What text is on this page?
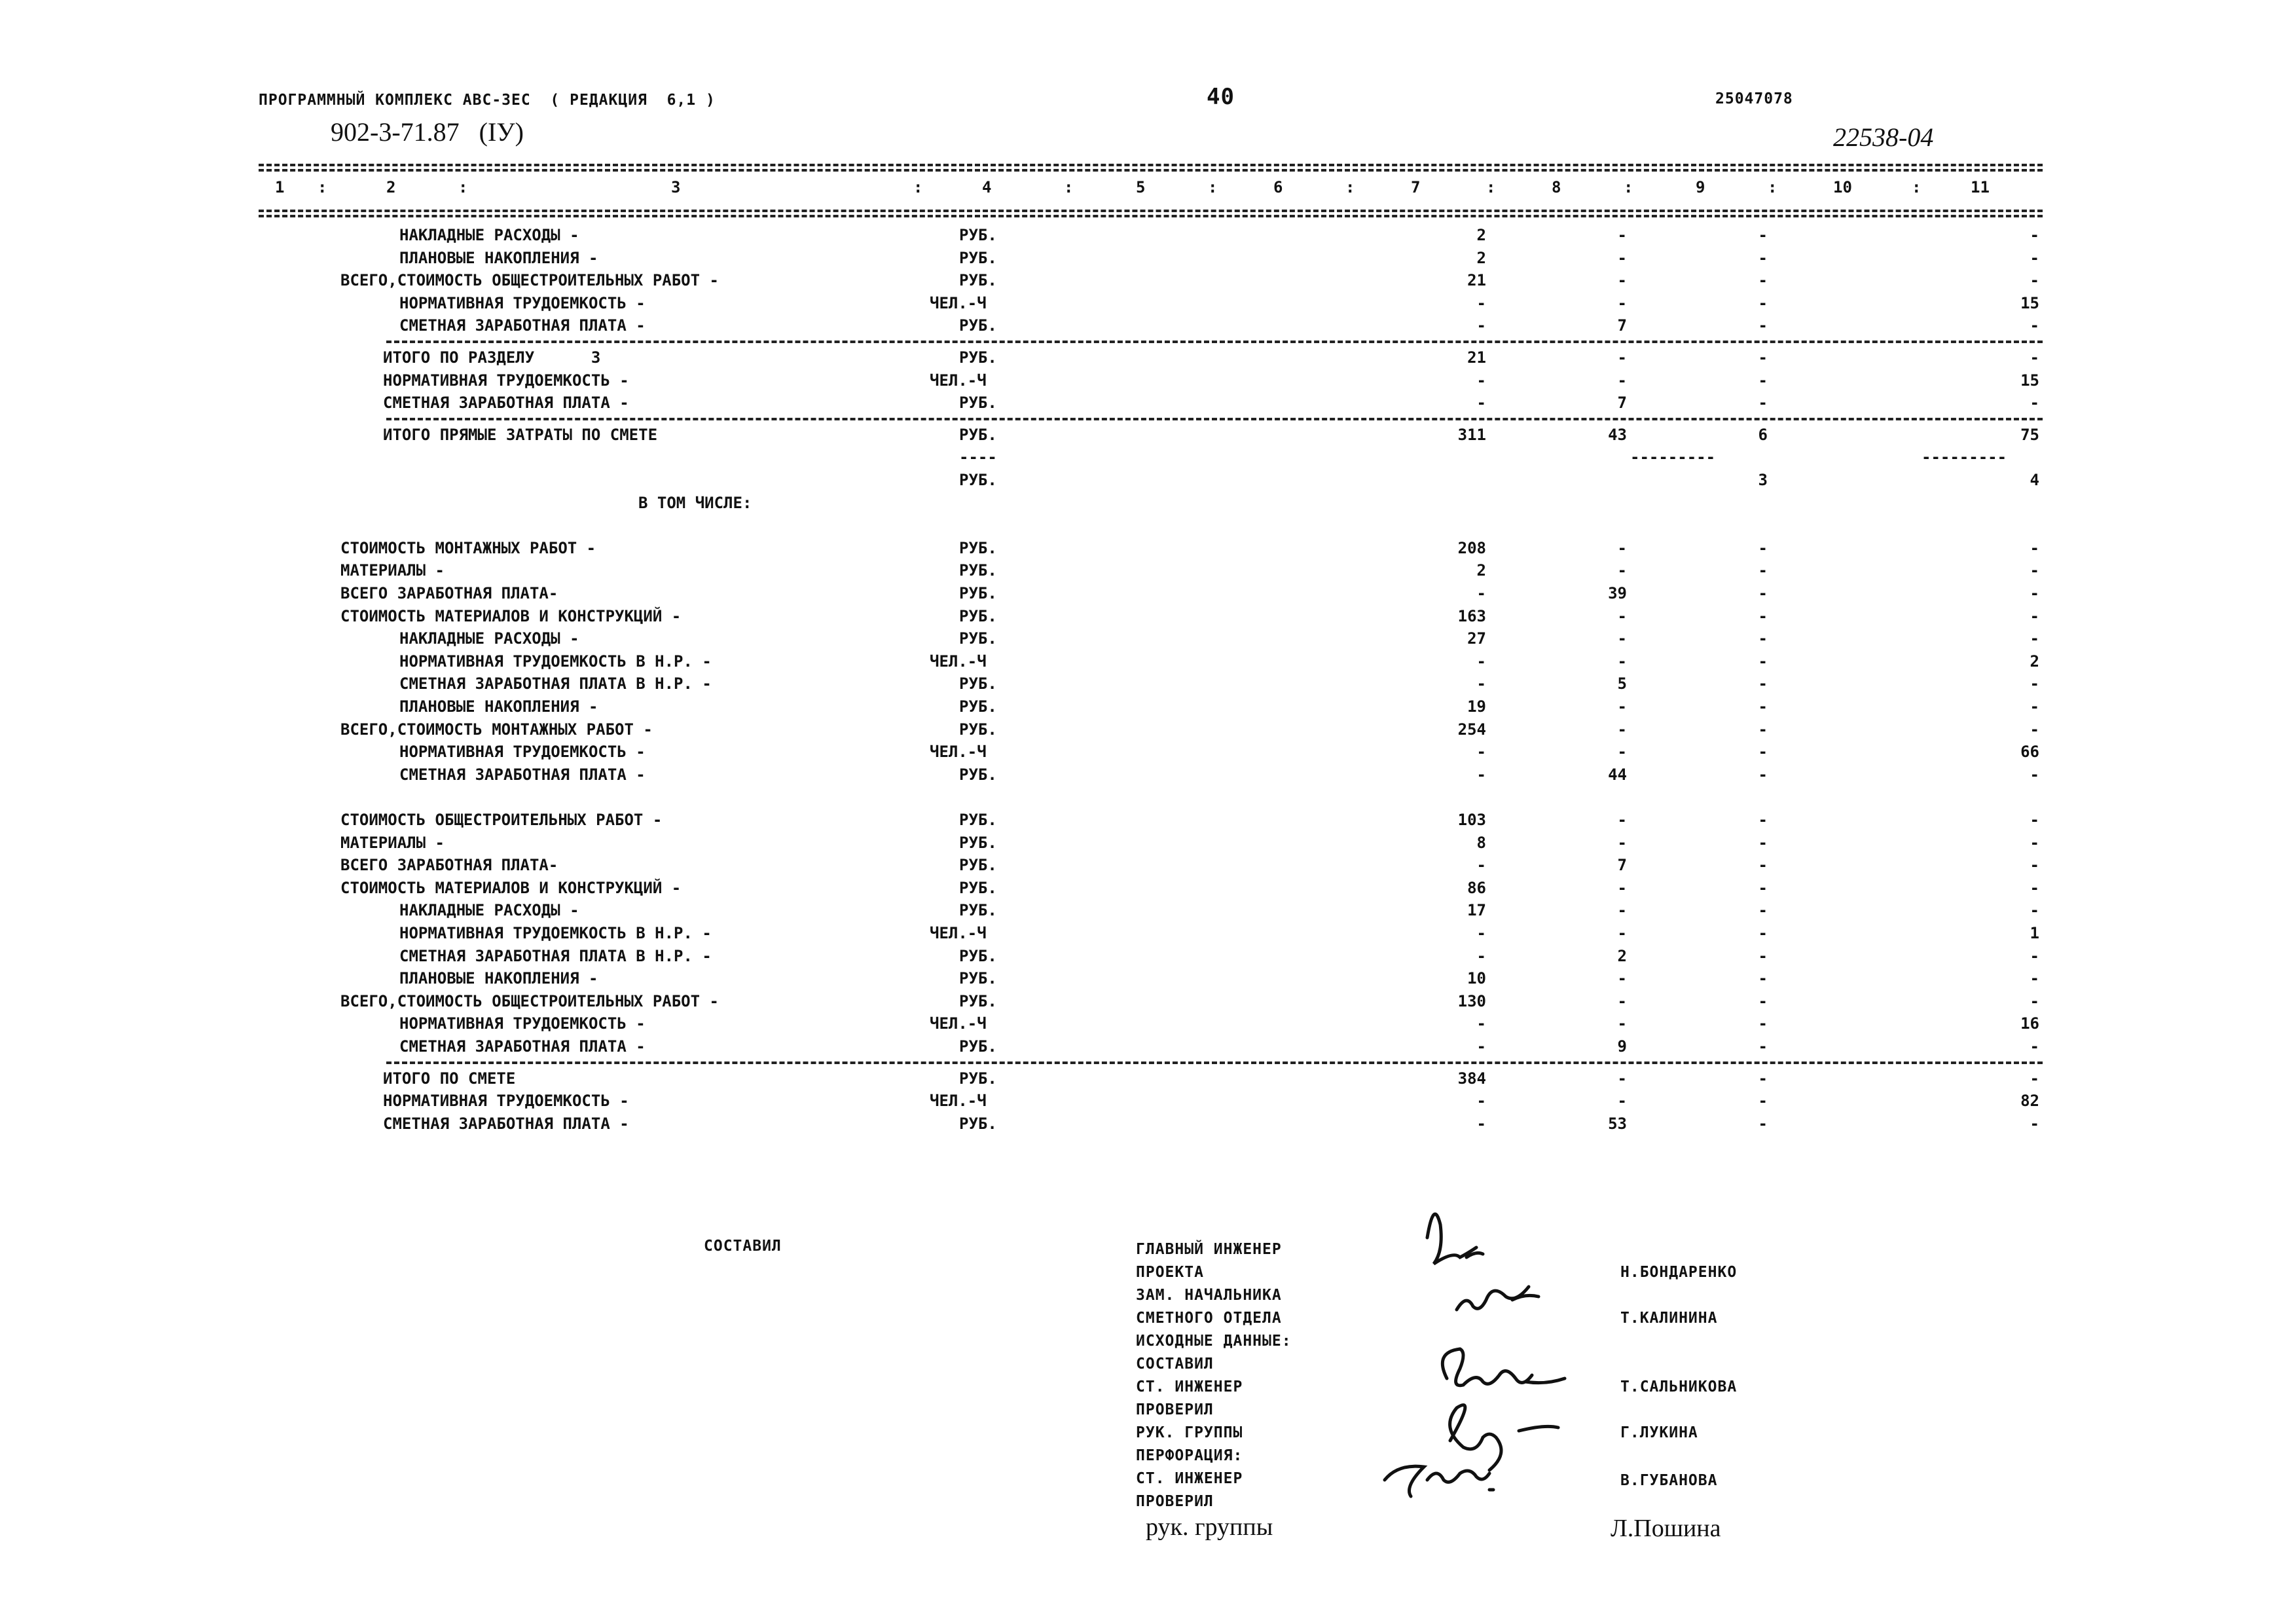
ПРОГРАММНЫЙ КОМПЛЕКС АВС-3ЕС  ( РЕДАКЦИЯ  6,1 )	40	25047078
902-3-71.87   (IУ)	22538-04
1 :	2	:	3	:	4	:	5	:	6	:	7	:	8	:	9	:	10	:	11
НАКЛАДНЫЕ РАСХОДЫ -	РУБ.	2	-	-	-
ПЛАНОВЫЕ НАКОПЛЕНИЯ -	РУБ.	2	-	-	-
ВСЕГО,СТОИМОСТЬ ОБЩЕСТРОИТЕЛЬНЫХ РАБОТ -	РУБ.	21	-	-	-
НОРМАТИВНАЯ ТРУДОЕМКОСТЬ -	ЧЕЛ.-Ч	-	-	-	15
СМЕТНАЯ ЗАРАБОТНАЯ ПЛАТА -	РУБ.	-	7	-	-
ИТОГО ПО РАЗДЕЛУ      3	РУБ.	21	-	-	-
НОРМАТИВНАЯ ТРУДОЕМКОСТЬ -	ЧЕЛ.-Ч	-	-	-	15
СМЕТНАЯ ЗАРАБОТНАЯ ПЛАТА -	РУБ.	-	7	-	-
ИТОГО ПРЯМЫЕ ЗАТРАТЫ ПО СМЕТЕ	РУБ.	311	43	6	75
----	---------	---------
РУБ.	3	4
В ТОМ ЧИСЛЕ:
СТОИМОСТЬ МОНТАЖНЫХ РАБОТ -	РУБ.	208	-	-	-
МАТЕРИАЛЫ -	РУБ.	2	-	-	-
ВСЕГО ЗАРАБОТНАЯ ПЛАТА-	РУБ.	-	39	-	-
СТОИМОСТЬ МАТЕРИАЛОВ И КОНСТРУКЦИЙ -	РУБ.	163	-	-	-
НАКЛАДНЫЕ РАСХОДЫ -	РУБ.	27	-	-	-
НОРМАТИВНАЯ ТРУДОЕМКОСТЬ В Н.Р. -	ЧЕЛ.-Ч	-	-	-	2
СМЕТНАЯ ЗАРАБОТНАЯ ПЛАТА В Н.Р. -	РУБ.	-	5	-	-
ПЛАНОВЫЕ НАКОПЛЕНИЯ -	РУБ.	19	-	-	-
ВСЕГО,СТОИМОСТЬ МОНТАЖНЫХ РАБОТ -	РУБ.	254	-	-	-
НОРМАТИВНАЯ ТРУДОЕМКОСТЬ -	ЧЕЛ.-Ч	-	-	-	66
СМЕТНАЯ ЗАРАБОТНАЯ ПЛАТА -	РУБ.	-	44	-	-
СТОИМОСТЬ ОБЩЕСТРОИТЕЛЬНЫХ РАБОТ -	РУБ.	103	-	-	-
МАТЕРИАЛЫ -	РУБ.	8	-	-	-
ВСЕГО ЗАРАБОТНАЯ ПЛАТА-	РУБ.	-	7	-	-
СТОИМОСТЬ МАТЕРИАЛОВ И КОНСТРУКЦИЙ -	РУБ.	86	-	-	-
НАКЛАДНЫЕ РАСХОДЫ -	РУБ.	17	-	-	-
НОРМАТИВНАЯ ТРУДОЕМКОСТЬ В Н.Р. -	ЧЕЛ.-Ч	-	-	-	1
СМЕТНАЯ ЗАРАБОТНАЯ ПЛАТА В Н.Р. -	РУБ.	-	2	-	-
ПЛАНОВЫЕ НАКОПЛЕНИЯ -	РУБ.	10	-	-	-
ВСЕГО,СТОИМОСТЬ ОБЩЕСТРОИТЕЛЬНЫХ РАБОТ -	РУБ.	130	-	-	-
НОРМАТИВНАЯ ТРУДОЕМКОСТЬ -	ЧЕЛ.-Ч	-	-	-	16
СМЕТНАЯ ЗАРАБОТНАЯ ПЛАТА -	РУБ.	-	9	-	-
ИТОГО ПО СМЕТЕ	РУБ.	384	-	-	-
НОРМАТИВНАЯ ТРУДОЕМКОСТЬ -	ЧЕЛ.-Ч	-	-	-	82
СМЕТНАЯ ЗАРАБОТНАЯ ПЛАТА -	РУБ.	-	53	-	-
СОСТАВИЛ	ГЛАВНЫЙ ИНЖЕНЕР
ПРОЕКТА
ЗАМ. НАЧАЛЬНИКА
СМЕТНОГО ОТДЕЛА
ИСХОДНЫЕ ДАННЫЕ:
СОСТАВИЛ
СТ. ИНЖЕНЕР
ПРОВЕРИЛ
РУК. ГРУППЫ
ПЕРФОРАЦИЯ:
СТ. ИНЖЕНЕР
ПРОВЕРИЛ
рук. группы
Н.БОНДАРЕНКО
Т.КАЛИНИНА
Т.САЛЬНИКОВА
Г.ЛУКИНА
В.ГУБАНОВА
Л.Пошина
